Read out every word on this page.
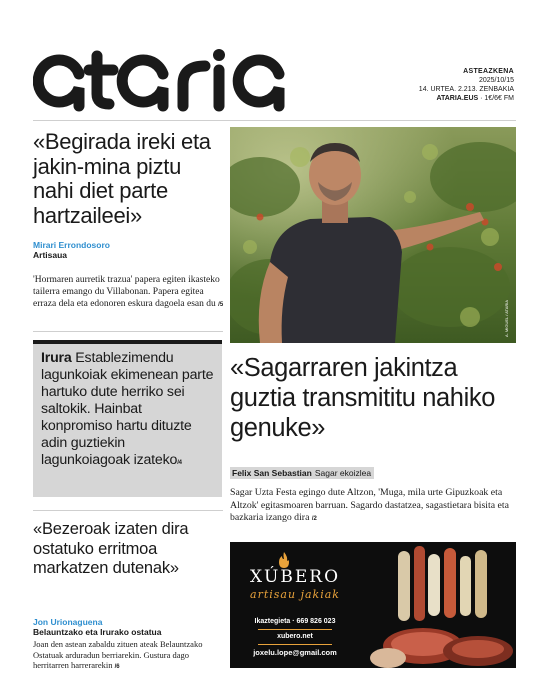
ASTEAZKENA
2025/10/15
14. URTEA. 2.213. ZENBAKIA
ATARIA.EUS · 1€/6€ FM
«Begirada ireki eta jakin-mina piztu nahi diet parte hartzaileei»
Mirari Errondosoro
Artisaua
'Hormaren aurretik trazua' papera egiten ikasteko tailerra emango du Villabonan. Papera egitea erraza dela eta edonoren eskura dagoela esan du /5
Irura Establezimendu lagunkoiak ekimenean parte hartuko dute herriko sei saltokik. Hainbat konpromiso hartu dituzte adin guztiekin lagunkoiagoak izateko/4
«Bezeroak izaten dira ostatuko erritmoa markatzen dutenak»
Jon Urionaguena
Belauntzako eta Irurako ostatua
Joan den astean zabaldu zituen ateak Belauntzako Ostatuak arduradun berriarekin. Gustura dago herritarren harrerarekin /6
A. MIGUEL / ATARIA
«Sagarraren jakintza guztia transmititu nahiko genuke»
Felix San Sebastian Sagar ekoizlea
Sagar Uzta Festa egingo dute Altzon, 'Muga, mila urte Gipuzkoak eta Altzok' egitasmoaren barruan. Sagardo dastatzea, sagastietara bisita eta bazkaria izango dira /2
XÚBERO
artisau jakiak
Ikaztegieta · 669 826 023
xubero.net
joxelu.lope@gmail.com
